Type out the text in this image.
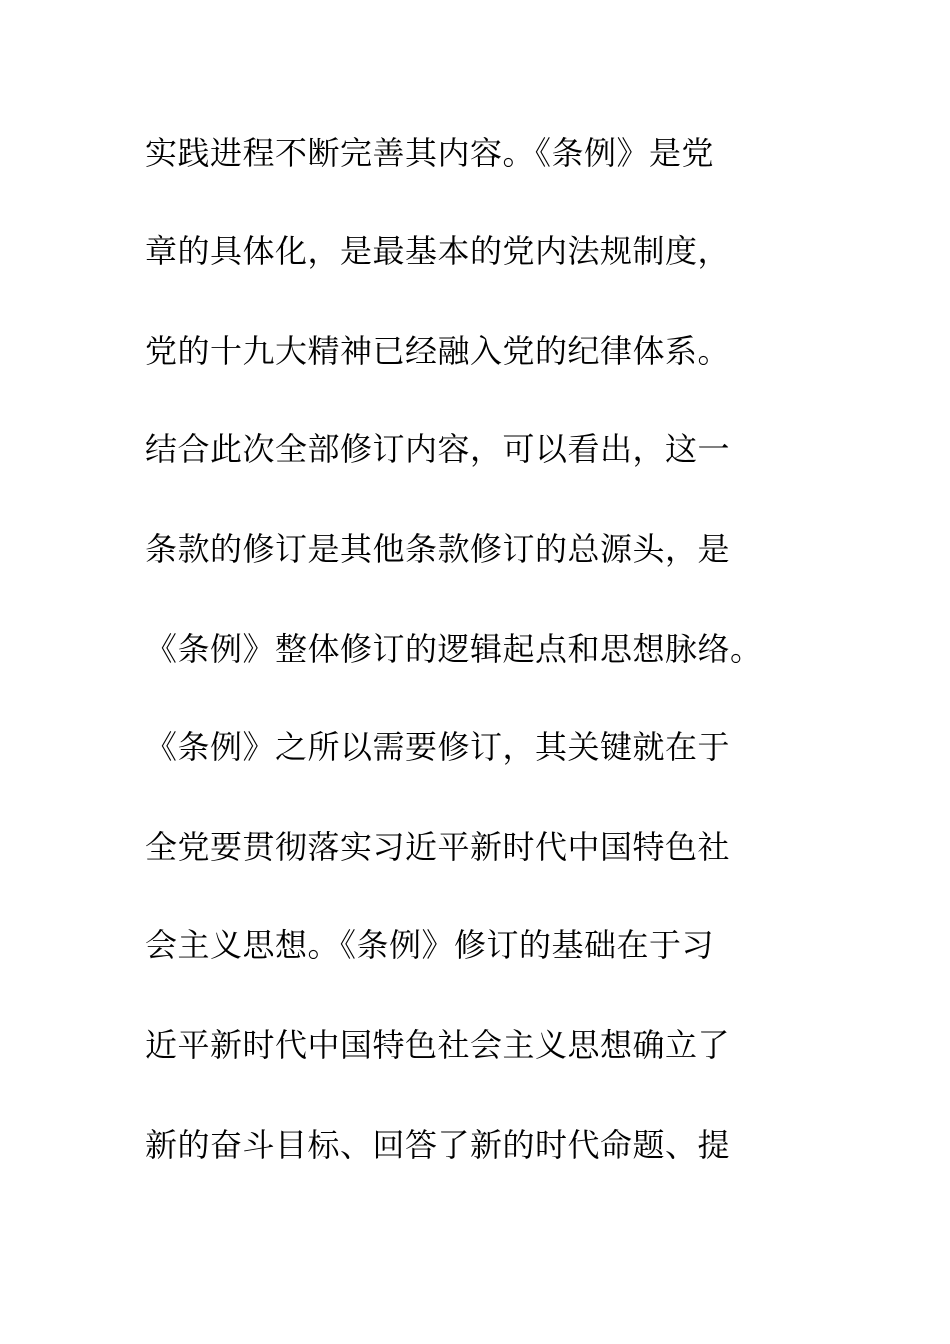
实践进程不断完善其内容。《条例》是党

章的具体化，是最基本的党内法规制度，

党的十九大精神已经融入党的纪律体系。

结合此次全部修订内容，可以看出，这一

条款的修订是其他条款修订的总源头，是

《条例》整体修订的逻辑起点和思想脉络。

《条例》之所以需要修订，其关键就在于

全党要贯彻落实习近平新时代中国特色社

会主义思想。《条例》修订的基础在于习

近平新时代中国特色社会主义思想确立了

新的奋斗目标、回答了新的时代命题、提
